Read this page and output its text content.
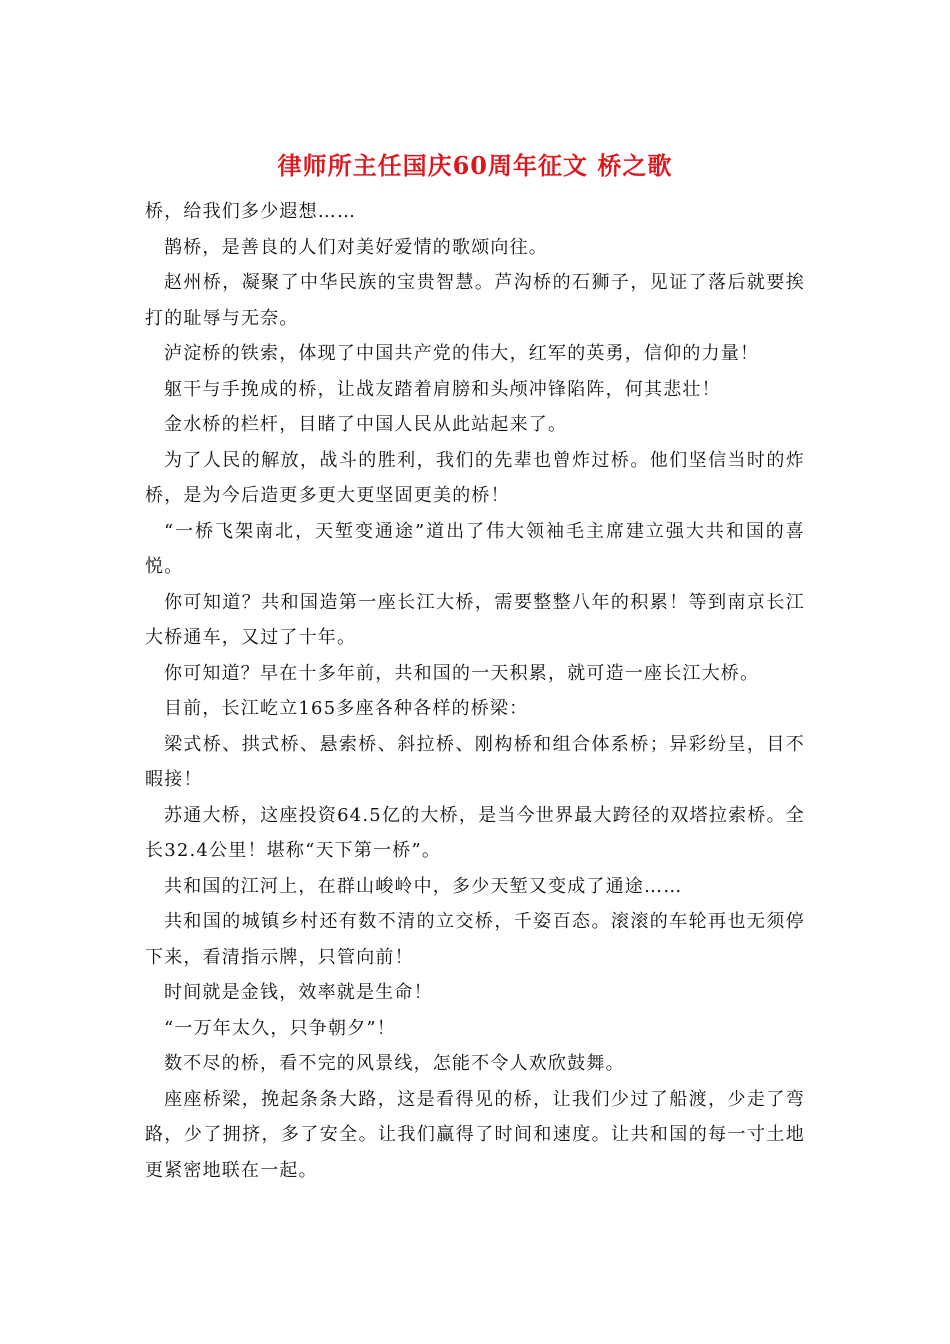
律师所主任国庆60周年征文 桥之歌

桥，给我们多少遐想……

鹊桥，是善良的人们对美好爱情的歌颂向往。

赵州桥，凝聚了中华民族的宝贵智慧。芦沟桥的石狮子，见证了落后就要挨打的耻辱与无奈。

泸淀桥的铁索，体现了中国共产党的伟大，红军的英勇，信仰的力量！

躯干与手挽成的桥，让战友踏着肩膀和头颅冲锋陷阵，何其悲壮！

金水桥的栏杆，目睹了中国人民从此站起来了。

为了人民的解放，战斗的胜利，我们的先辈也曾炸过桥。他们坚信当时的炸桥，是为今后造更多更大更坚固更美的桥！

“一桥飞架南北，天堑变通途”道出了伟大领袖毛主席建立强大共和国的喜悦。

你可知道？共和国造第一座长江大桥，需要整整八年的积累！等到南京长江大桥通车，又过了十年。

你可知道？早在十多年前，共和国的一天积累，就可造一座长江大桥。

目前，长江屹立165多座各种各样的桥梁：

梁式桥、拱式桥、悬索桥、斜拉桥、刚构桥和组合体系桥；异彩纷呈，目不暇接！

苏通大桥，这座投资64.5亿的大桥，是当今世界最大跨径的双塔拉索桥。全长32.4公里！堪称“天下第一桥”。

共和国的江河上，在群山峻岭中，多少天堑又变成了通途……

共和国的城镇乡村还有数不清的立交桥，千姿百态。滚滚的车轮再也无须停下来，看清指示牌，只管向前！

时间就是金钱，效率就是生命！

“一万年太久，只争朝夕”！

数不尽的桥，看不完的风景线，怎能不令人欢欣鼓舞。

座座桥梁，挽起条条大路，这是看得见的桥，让我们少过了船渡，少走了弯路，少了拥挤，多了安全。让我们赢得了时间和速度。让共和国的每一寸土地更紧密地联在一起。
